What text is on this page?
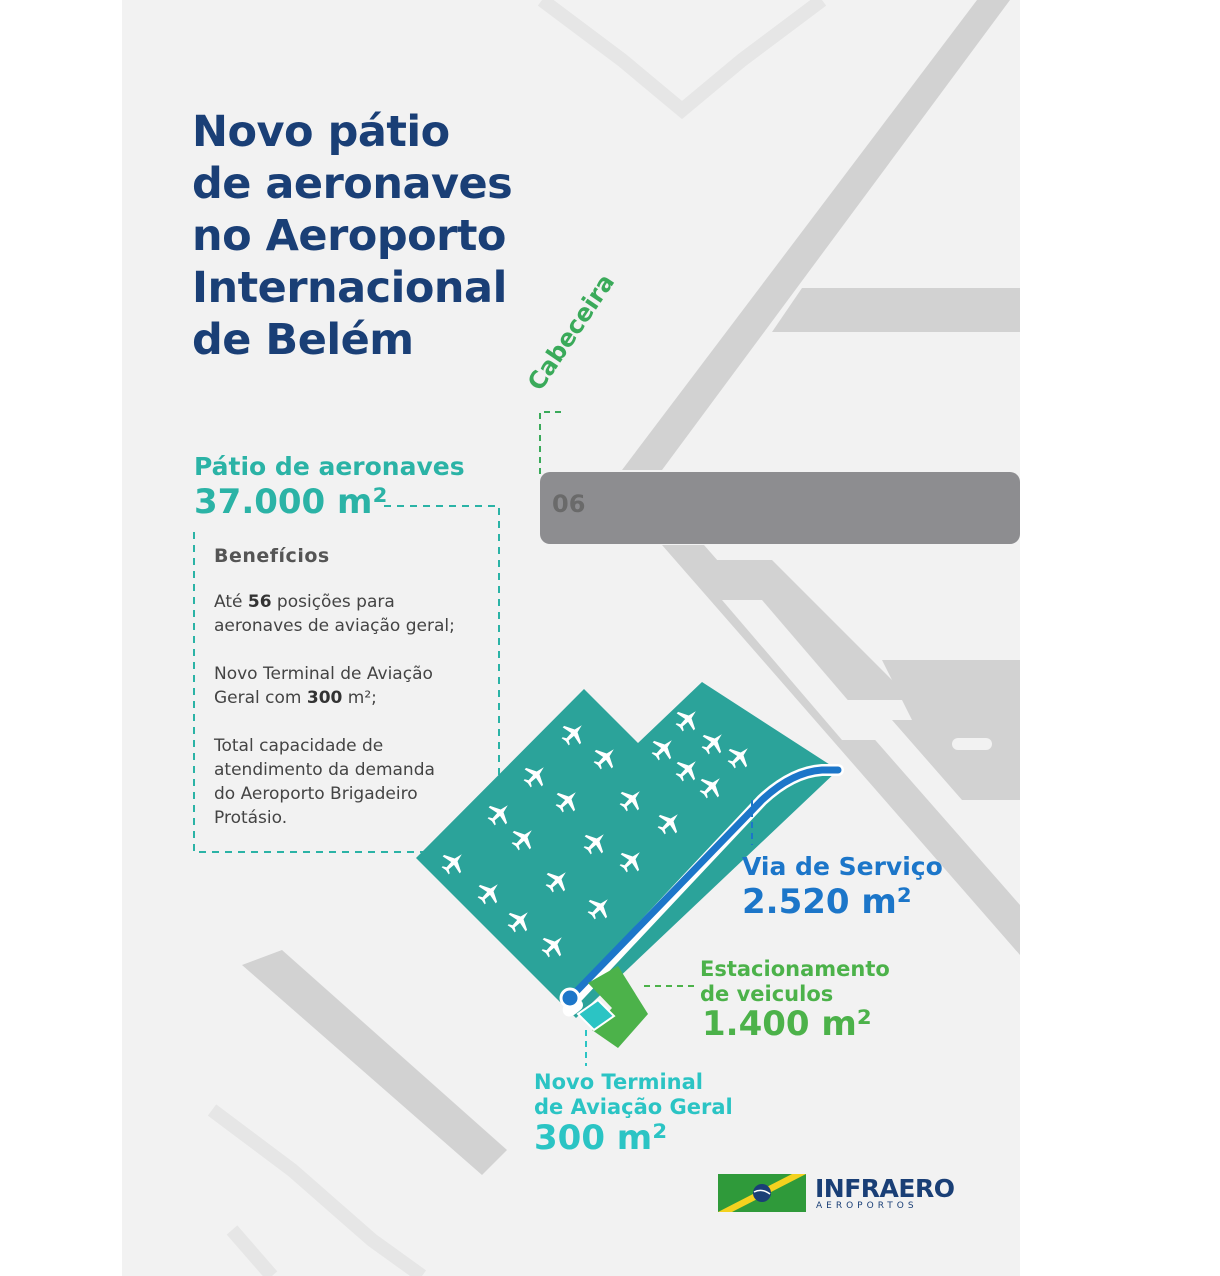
Novo pátio
de aeronaves
no Aeroporto
Internacional
de Belém	Cabeceira
06
Pátio de aeronaves
37.000 m²
Benefícios
Até 56 posições para
aeronaves de aviação geral;
Novo Terminal de Aviação
Geral com 300 m²;
Total capacidade de
atendimento da demanda
do Aeroporto Brigadeiro
Protásio.
Via de Serviço
2.520 m²
Estacionamento
de veiculos
1.400 m²
Novo Terminal
de Aviação Geral
300 m²
INFRAERO
AEROPORTOS
